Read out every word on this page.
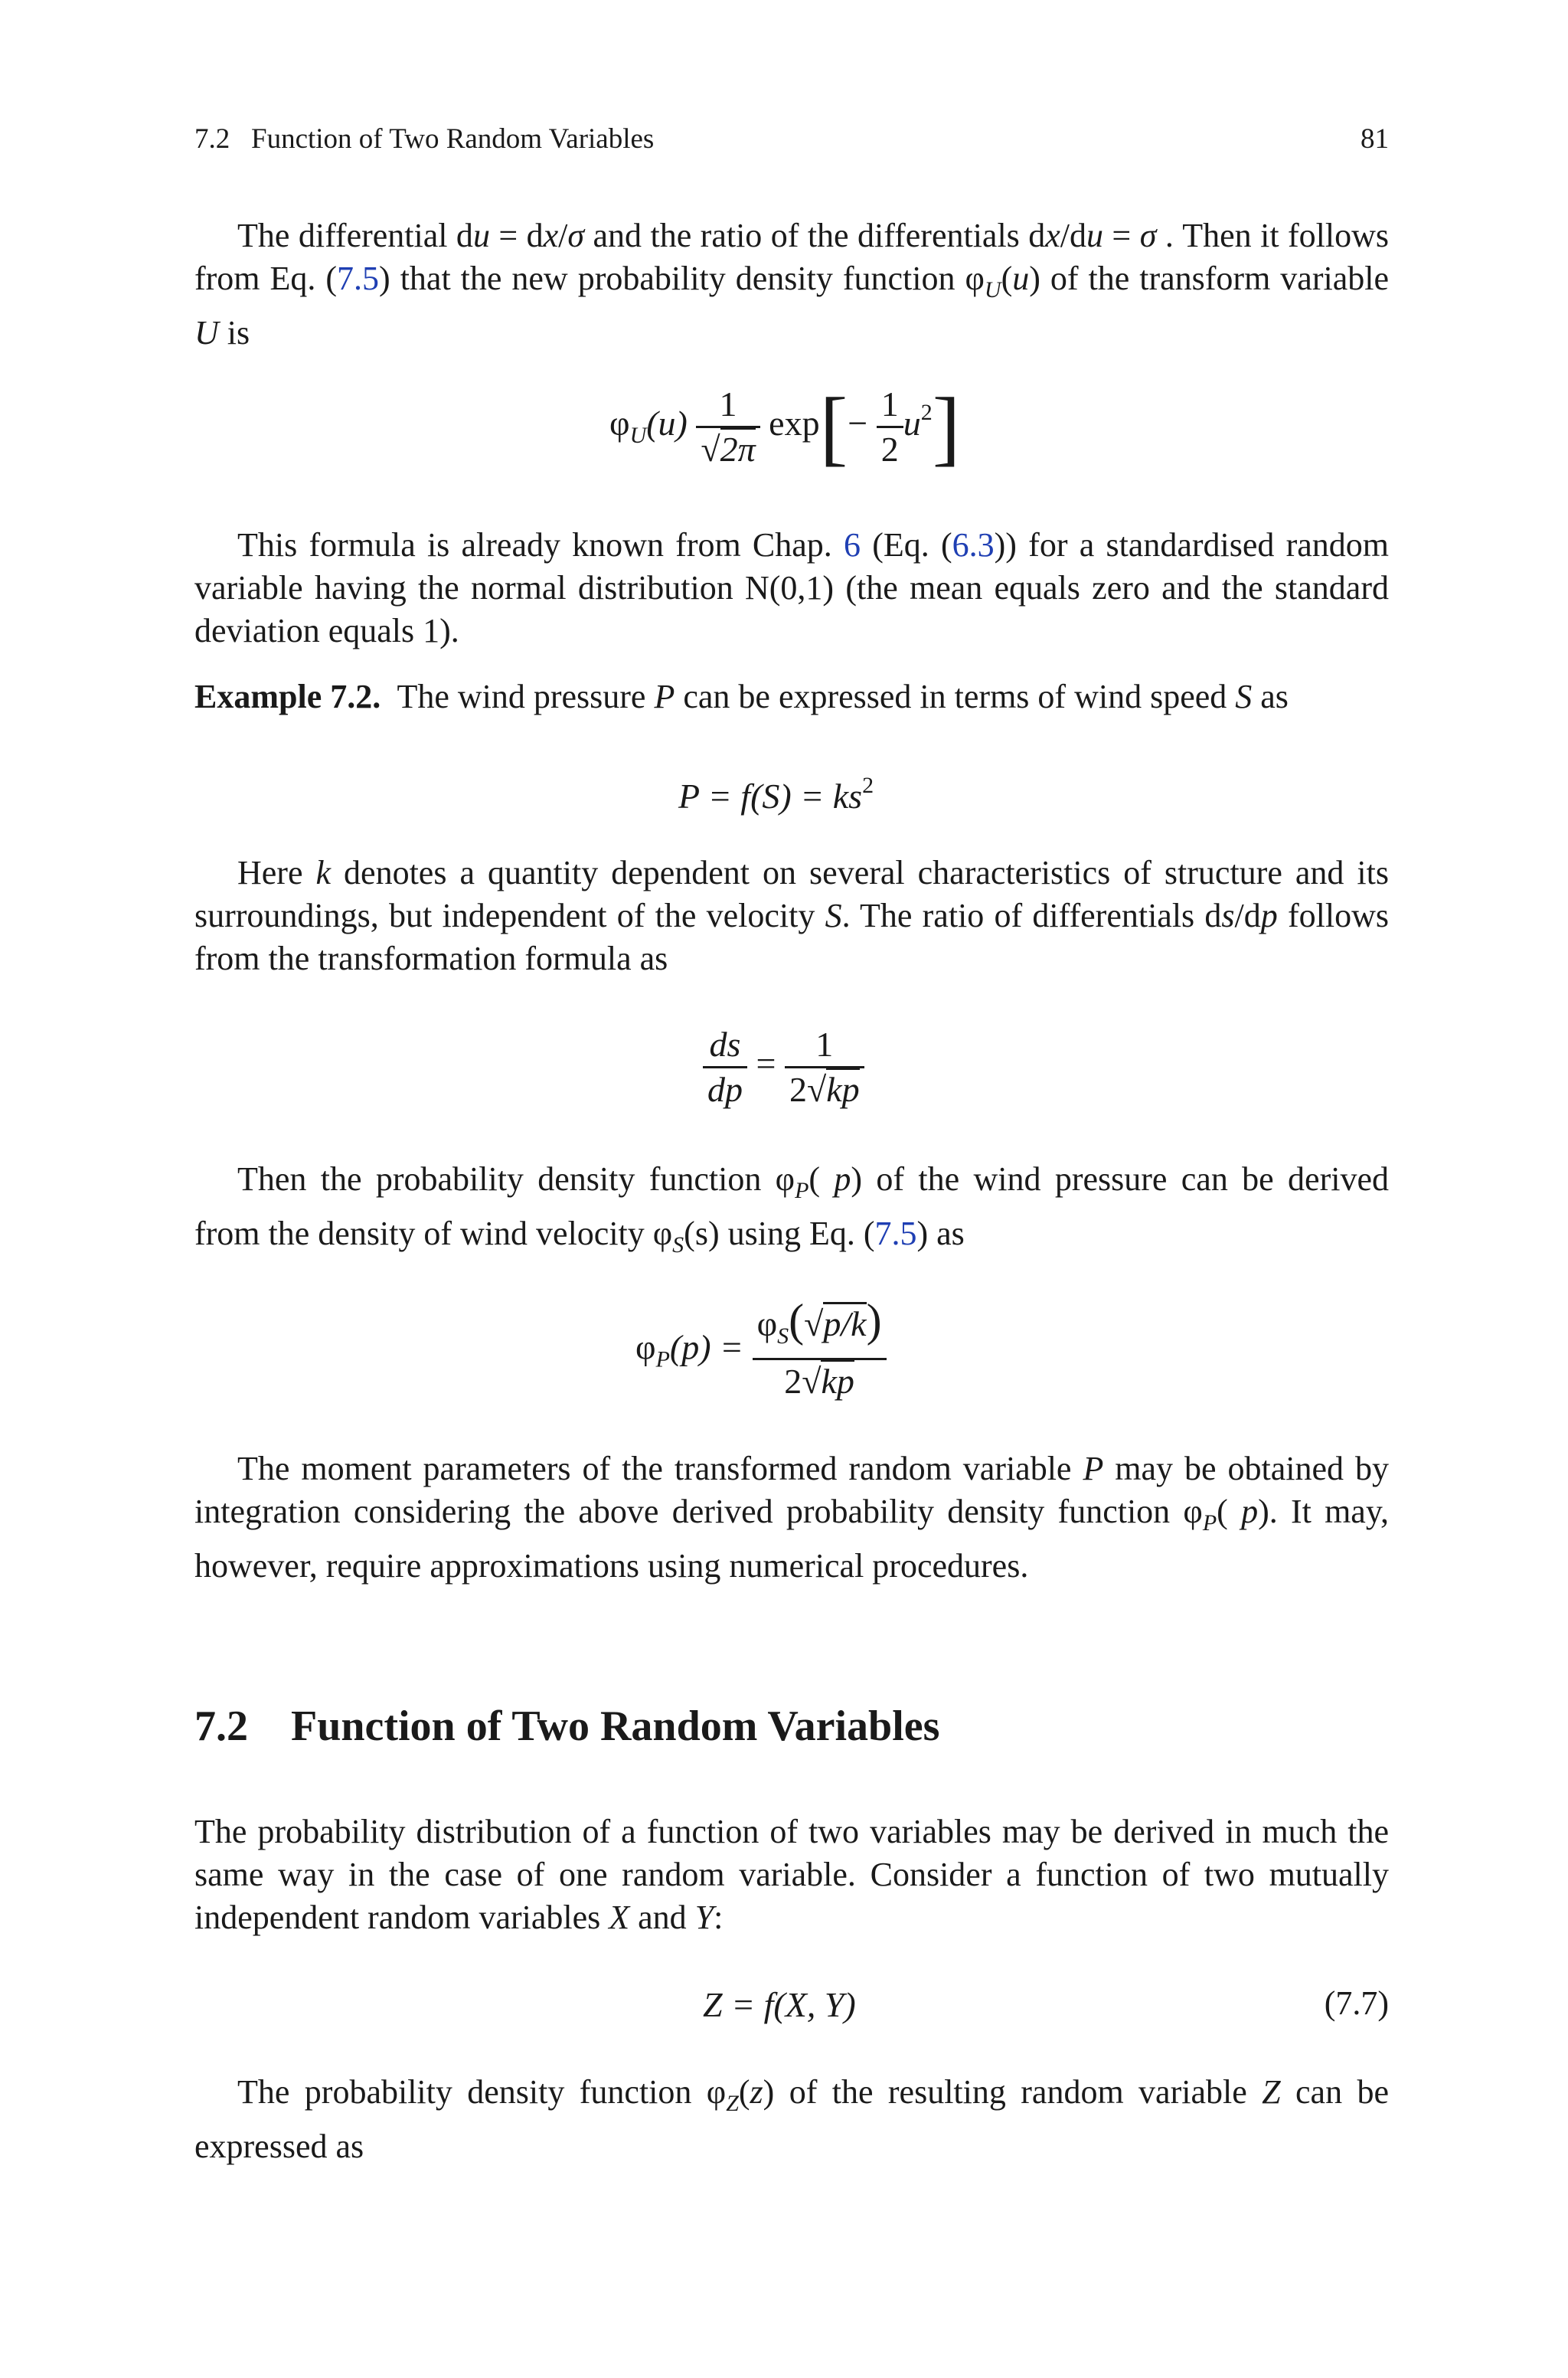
7.2   Function of Two Random Variables	81

The differential du = dx/σ and the ratio of the differentials dx/du = σ . Then it follows from Eq. (7.5) that the new probability density function $\varphi_U(u)$ of the transform variable U is

$\varphi_U(u) \frac{1}{√2\pi} \exp[- \frac{1}{2} u^2]$

This formula is already known from Chap. 6 (Eq. (6.3)) for a standardised random variable having the normal distribution N(0,1) (the mean equals zero and the standard deviation equals 1).

Example 7.2.  The wind pressure P can be expressed in terms of wind speed S as

$P = f(S) = ks^2$

Here k denotes a quantity dependent on several characteristics of structure and its surroundings, but independent of the velocity S. The ratio of differentials ds/dp follows from the transformation formula as

$\frac{ds}{dp} = \frac{1}{2√kp}$

Then the probability density function $\varphi_P$( p) of the wind pressure can be derived from the density of wind velocity $\varphi_S(s)$ using Eq. (7.5) as

$\varphi_P(p) = \frac{\varphi_S(√p/k)}{2√kp}$

The moment parameters of the transformed random variable P may be obtained by integration considering the above derived probability density function $\varphi_P$( p). It may, however, require approximations using numerical procedures.

7.2 Function of Two Random Variables

The probability distribution of a function of two variables may be derived in much the same way in the case of one random variable. Consider a function of two mutually independent random variables X and Y:

Z = f(X, Y)	(7.7)

The probability density function $\varphi_Z(z)$ of the resulting random variable Z can be expressed as
